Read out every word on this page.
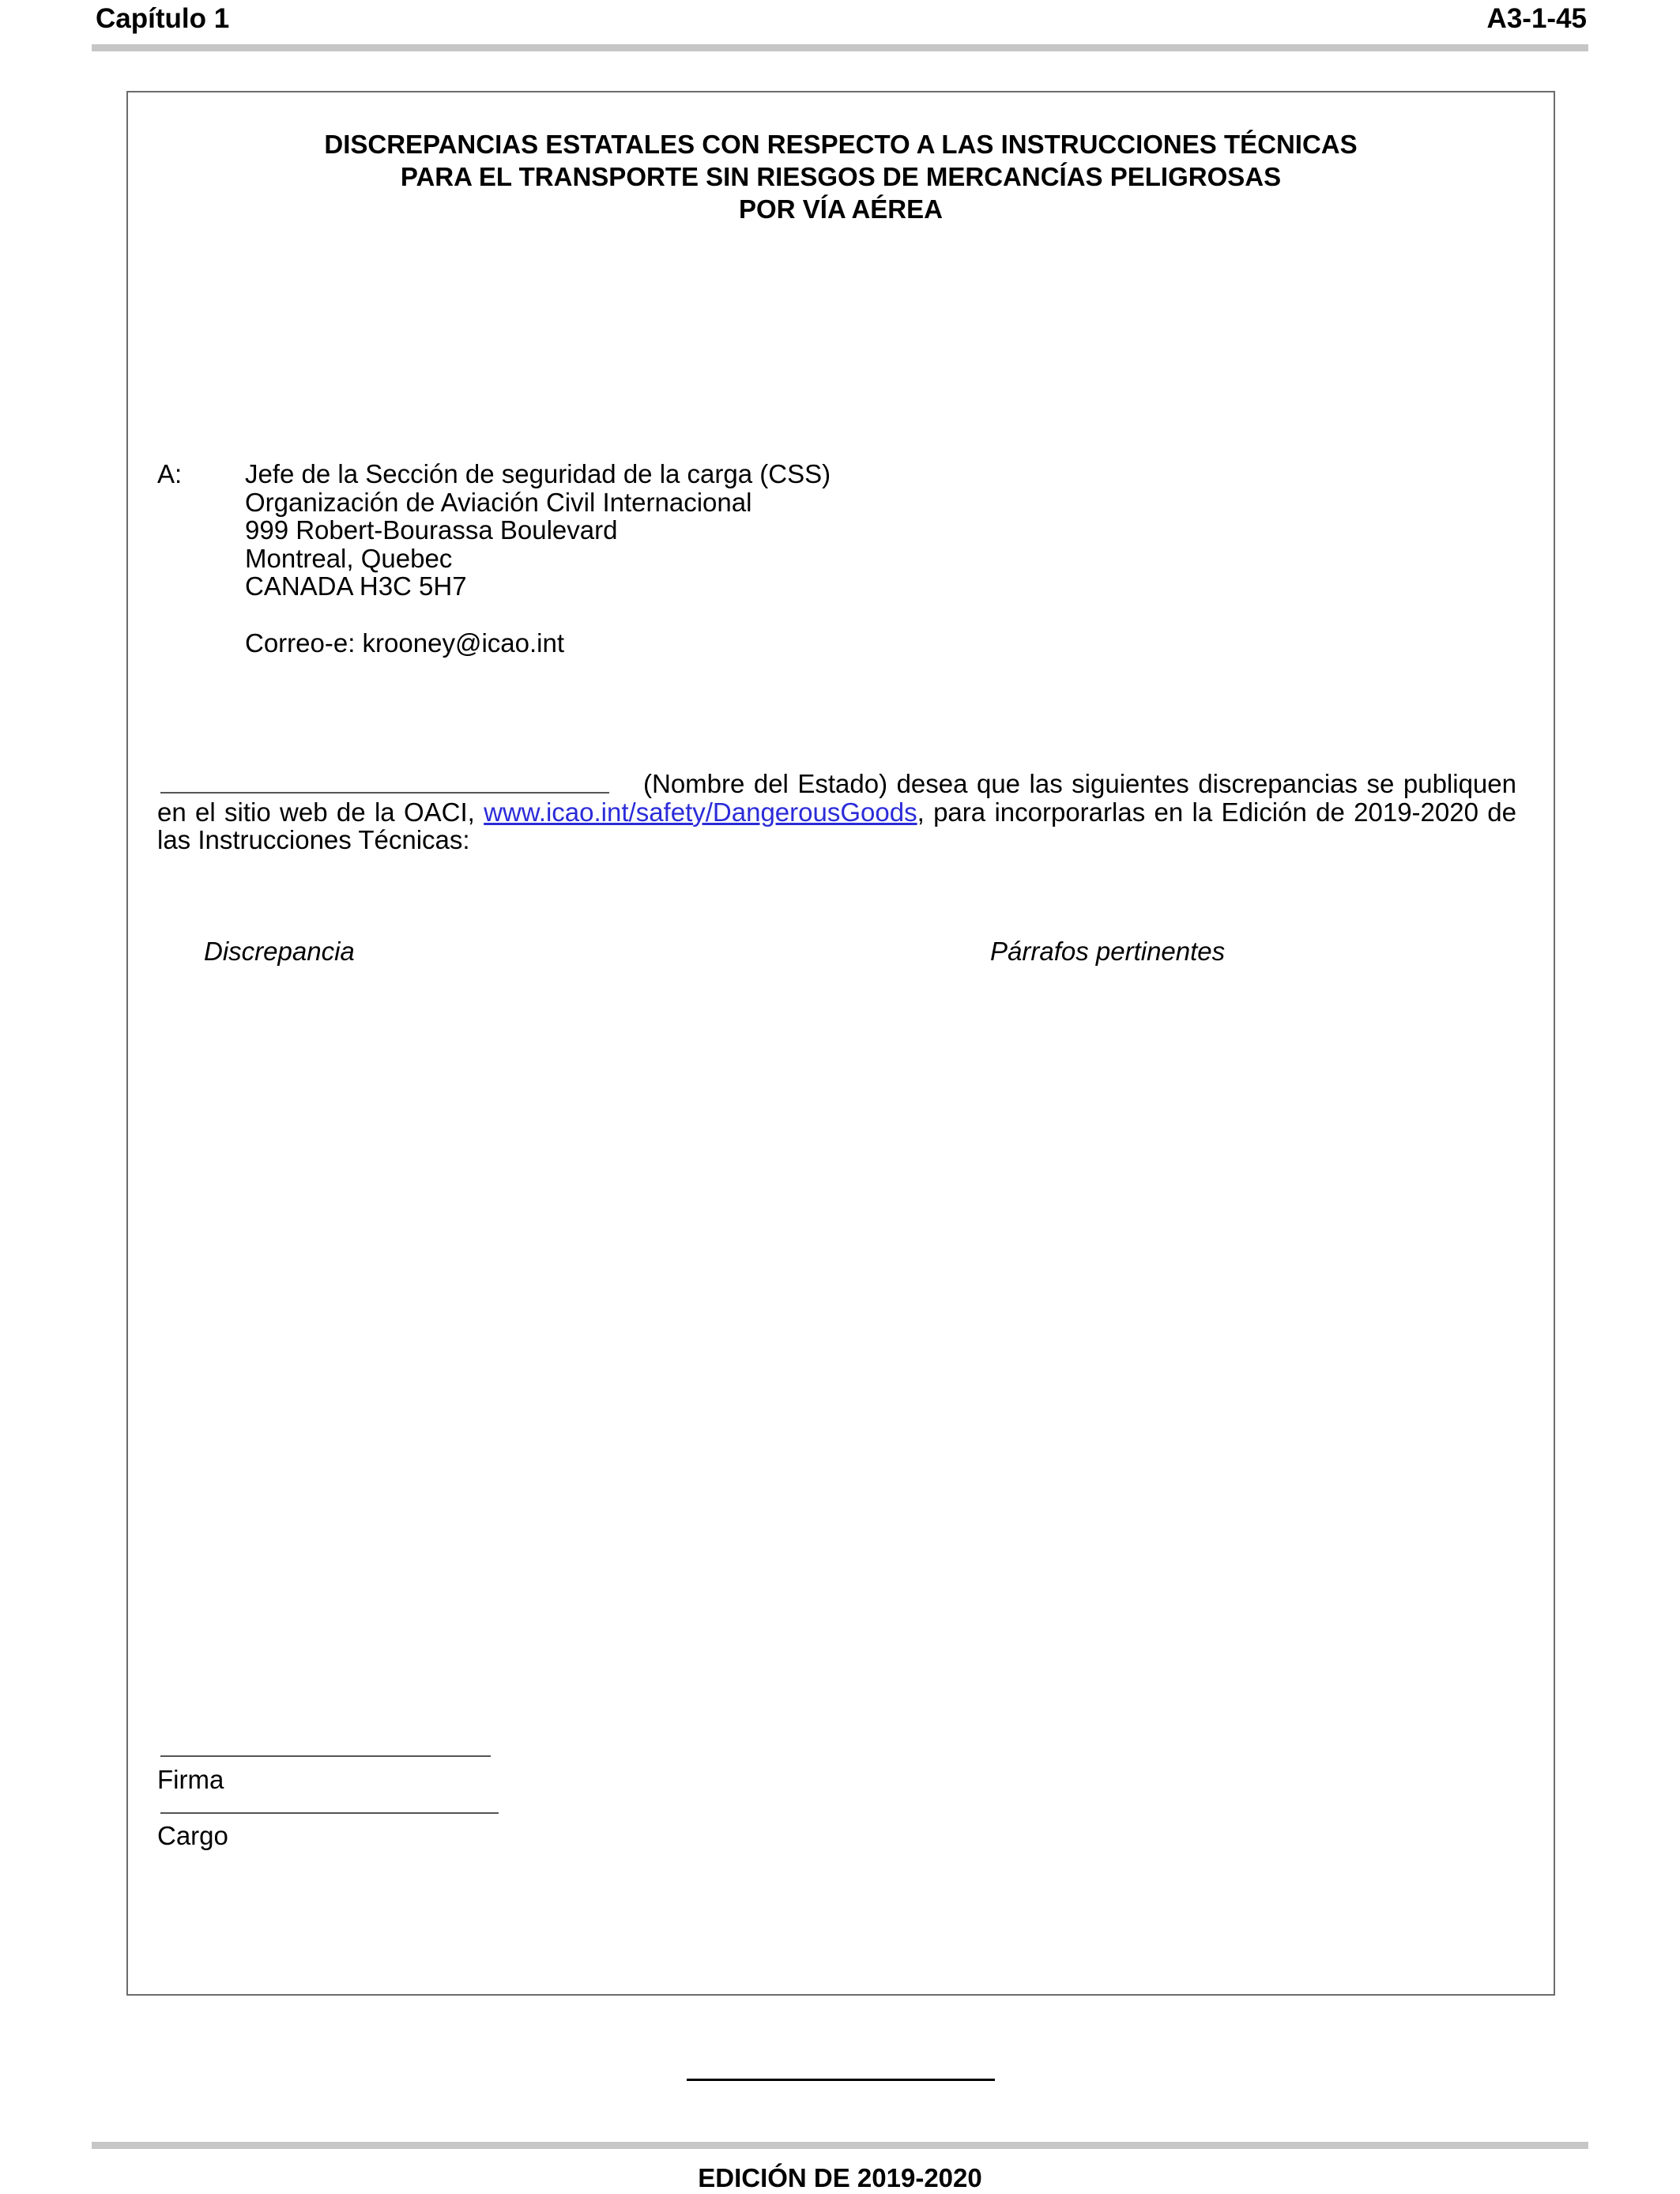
Capítulo 1	A3-1-45
DISCREPANCIAS ESTATALES CON RESPECTO A LAS INSTRUCCIONES TÉCNICAS
PARA EL TRANSPORTE SIN RIESGOS DE MERCANCÍAS PELIGROSAS
POR VÍA AÉREA
A: Jefe de la Sección de seguridad de la carga (CSS)
Organización de Aviación Civil Internacional
999 Robert-Bourassa Boulevard
Montreal, Quebec
CANADA H3C 5H7
Correo-e: krooney@icao.int
(Nombre del Estado) desea que las siguientes discrepancias se publiquen en el sitio web de la OACI, www.icao.int/safety/DangerousGoods, para incorporarlas en la Edición de 2019-2020 de las Instrucciones Técnicas:
Discrepancia	Párrafos pertinentes
Firma
Cargo
EDICIÓN DE 2019-2020
